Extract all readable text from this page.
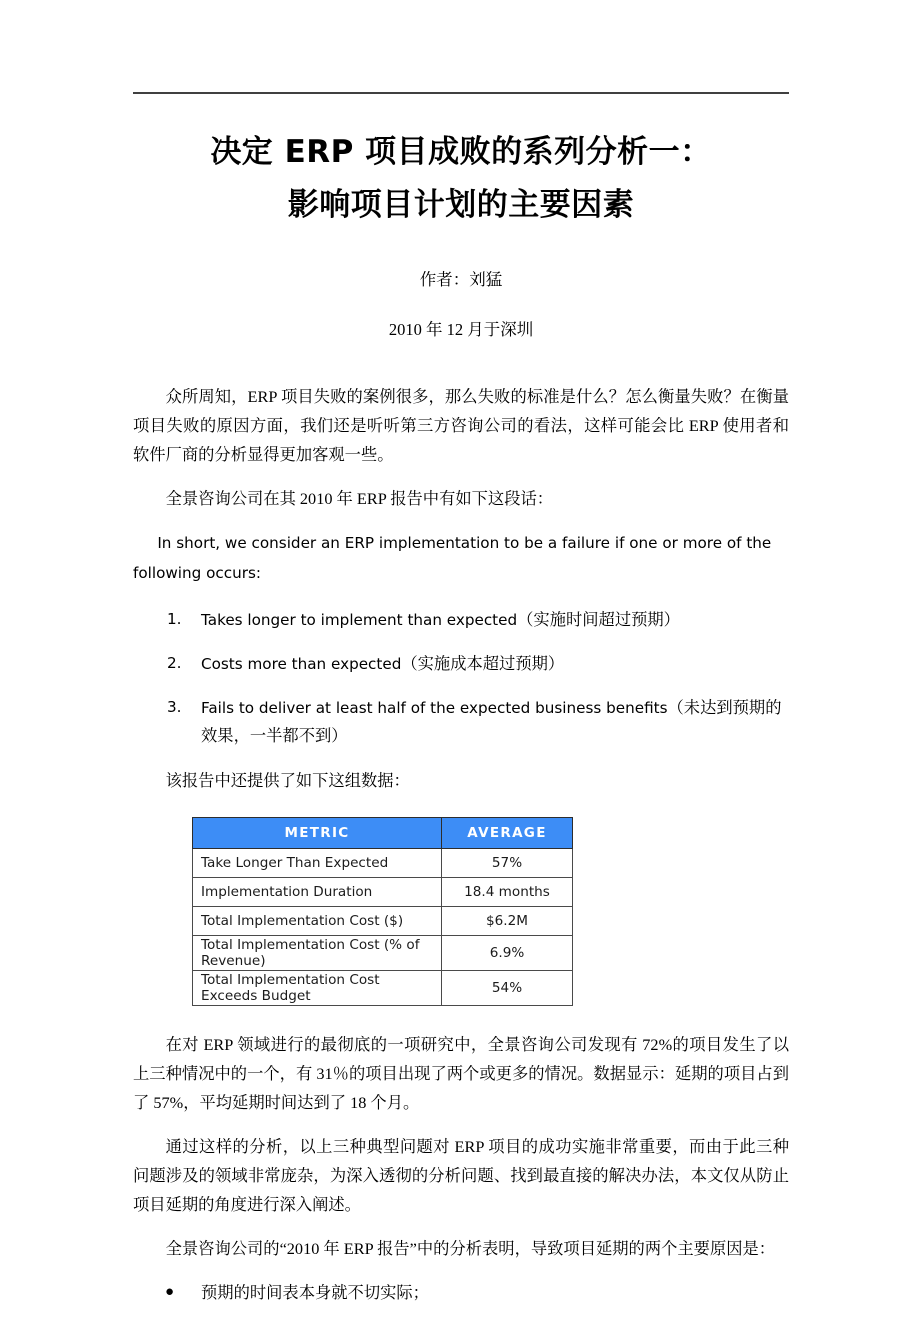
决定 ERP 项目成败的系列分析一：
影响项目计划的主要因素
作者：刘猛
2010 年 12 月于深圳

众所周知，ERP 项目失败的案例很多，那么失败的标准是什么？怎么衡量失败？在衡量项目失败的原因方面，我们还是听听第三方咨询公司的看法，这样可能会比 ERP 使用者和软件厂商的分析显得更加客观一些。

全景咨询公司在其 2010 年 ERP 报告中有如下这段话：

In short, we consider an ERP implementation to be a failure if one or more of the following occurs:

1. Takes longer to implement than expected（实施时间超过预期）
2. Costs more than expected（实施成本超过预期）
3. Fails to deliver at least half of the expected business benefits（未达到预期的效果，一半都不到）

该报告中还提供了如下这组数据：

METRIC	AVERAGE
Take Longer Than Expected	57%
Implementation Duration	18.4 months
Total Implementation Cost ($)	$6.2M
Total Implementation Cost (% of Revenue)	6.9%
Total Implementation Cost Exceeds Budget	54%

在对 ERP 领域进行的最彻底的一项研究中，全景咨询公司发现有 72%的项目发生了以上三种情况中的一个，有 31％的项目出现了两个或更多的情况。数据显示：延期的项目占到了 57%，平均延期时间达到了 18 个月。

通过这样的分析，以上三种典型问题对 ERP 项目的成功实施非常重要，而由于此三种问题涉及的领域非常庞杂，为深入透彻的分析问题、找到最直接的解决办法，本文仅从防止项目延期的角度进行深入阐述。

全景咨询公司的“2010 年 ERP 报告”中的分析表明，导致项目延期的两个主要原因是：

● 预期的时间表本身就不切实际；
